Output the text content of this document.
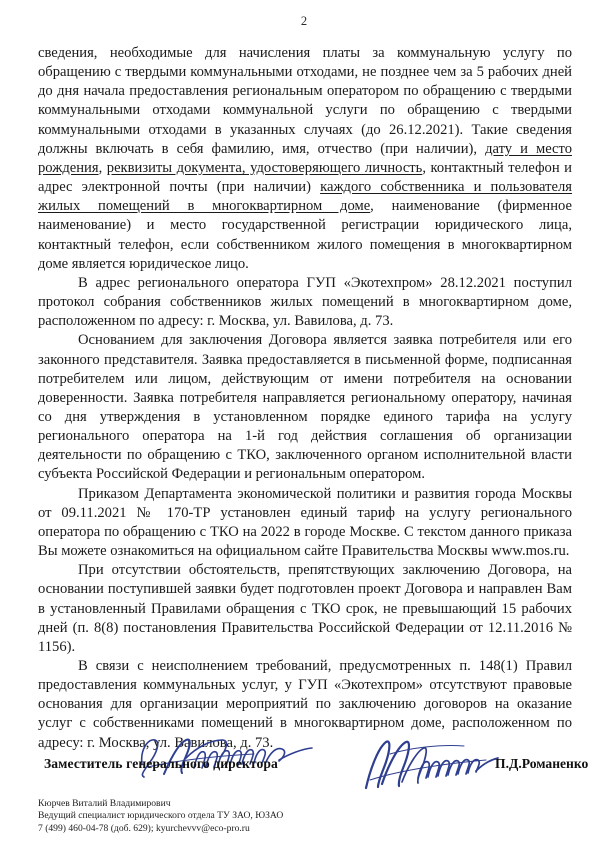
2

сведения, необходимые для начисления платы за коммунальную услугу по обращению с твердыми коммунальными отходами, не позднее чем за 5 рабочих дней до дня начала предоставления региональным оператором по обращению с твердыми коммунальными отходами коммунальной услуги по обращению с твердыми коммунальными отходами в указанных случаях (до 26.12.2021). Такие сведения должны включать в себя фамилию, имя, отчество (при наличии), дату и место рождения, реквизиты документа, удостоверяющего личность, контактный телефон и адрес электронной почты (при наличии) каждого собственника и пользователя жилых помещений в многоквартирном доме, наименование (фирменное наименование) и место государственной регистрации юридического лица, контактный телефон, если собственником жилого помещения в многоквартирном доме является юридическое лицо.

В адрес регионального оператора ГУП «Экотехпром» 28.12.2021 поступил протокол собрания собственников жилых помещений в многоквартирном доме, расположенном по адресу: г. Москва, ул. Вавилова, д. 73.

Основанием для заключения Договора является заявка потребителя или его законного представителя. Заявка предоставляется в письменной форме, подписанная потребителем или лицом, действующим от имени потребителя на основании доверенности. Заявка потребителя направляется региональному оператору, начиная со дня утверждения в установленном порядке единого тарифа на услугу регионального оператора на 1-й год действия соглашения об организации деятельности по обращению с ТКО, заключенного органом исполнительной власти субъекта Российской Федерации и региональным оператором.

Приказом Департамента экономической политики и развития города Москвы от 09.11.2021 № 170-ТР установлен единый тариф на услугу регионального оператора по обращению с ТКО на 2022 в городе Москве. С текстом данного приказа Вы можете ознакомиться на официальном сайте Правительства Москвы www.mos.ru.

При отсутствии обстоятельств, препятствующих заключению Договора, на основании поступившей заявки будет подготовлен проект Договора и направлен Вам в установленный Правилами обращения с ТКО срок, не превышающий 15 рабочих дней (п. 8(8) постановления Правительства Российской Федерации от 12.11.2016 № 1156).

В связи с неисполнением требований, предусмотренных п. 148(1) Правил предоставления коммунальных услуг, у ГУП «Экотехпром» отсутствуют правовые основания для организации мероприятий по заключению договоров на оказание услуг с собственниками помещений в многоквартирном доме, расположенном по адресу: г. Москва, ул. Вавилова, д. 73.

Заместитель генерального директора	П.Д.Романенко
Кюрчев Виталий Владимирович
Ведущий специалист юридического отдела ТУ ЗАО, ЮЗАО
7 (499) 460-04-78 (доб. 629); kyurchevvv@eco-pro.ru
